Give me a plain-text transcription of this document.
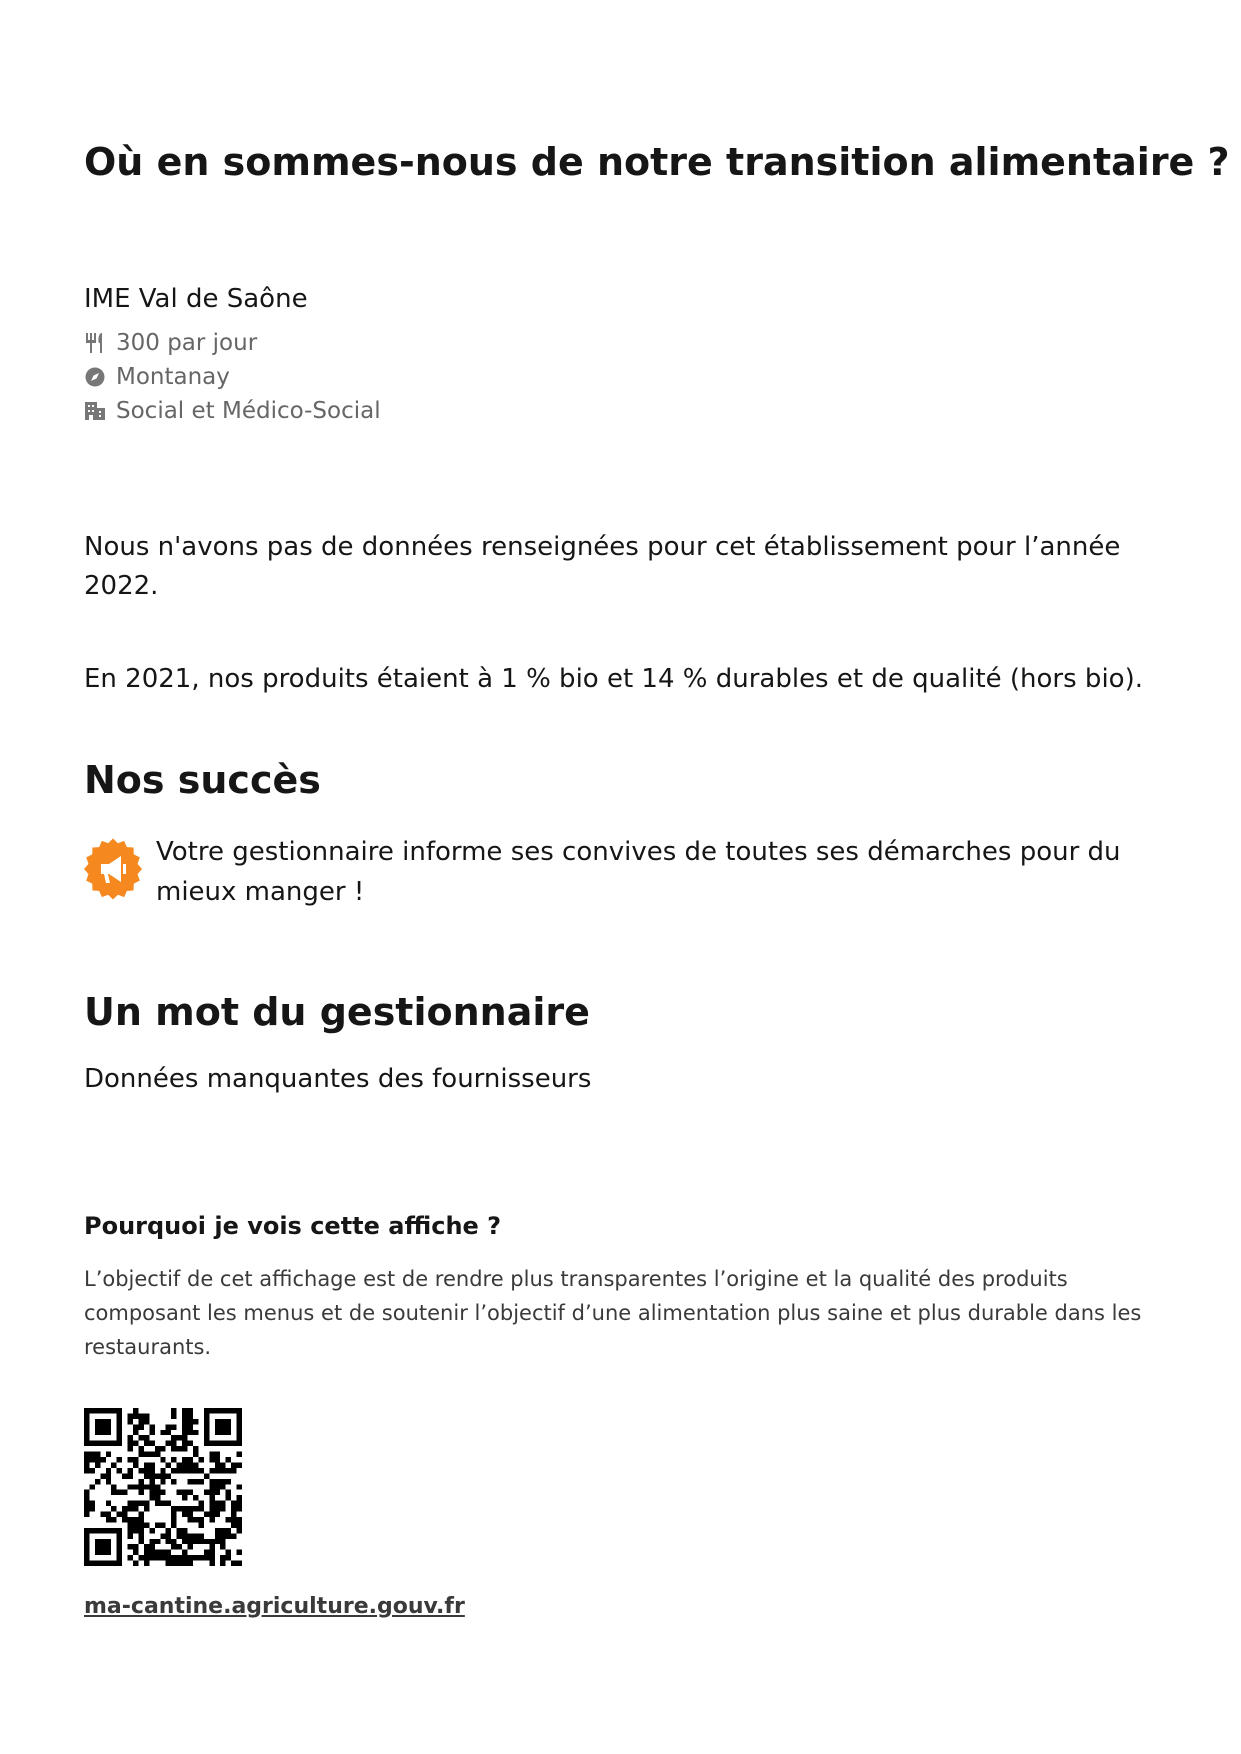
Où en sommes-nous de notre transition alimentaire ?
IME Val de Saône
300 par jour
Montanay
Social et Médico-Social

Nous n'avons pas de données renseignées pour cet établissement pour l’année 2022.

En 2021, nos produits étaient à 1 % bio et 14 % durables et de qualité (hors bio).

Nos succès
Votre gestionnaire informe ses convives de toutes ses démarches pour du mieux manger !
Un mot du gestionnaire
Données manquantes des fournisseurs
Pourquoi je vois cette affiche ?

L’objectif de cet affichage est de rendre plus transparentes l’origine et la qualité des produits composant les menus et de soutenir l’objectif d’une alimentation plus saine et plus durable dans les restaurants.

ma-cantine.agriculture.gouv.fr
